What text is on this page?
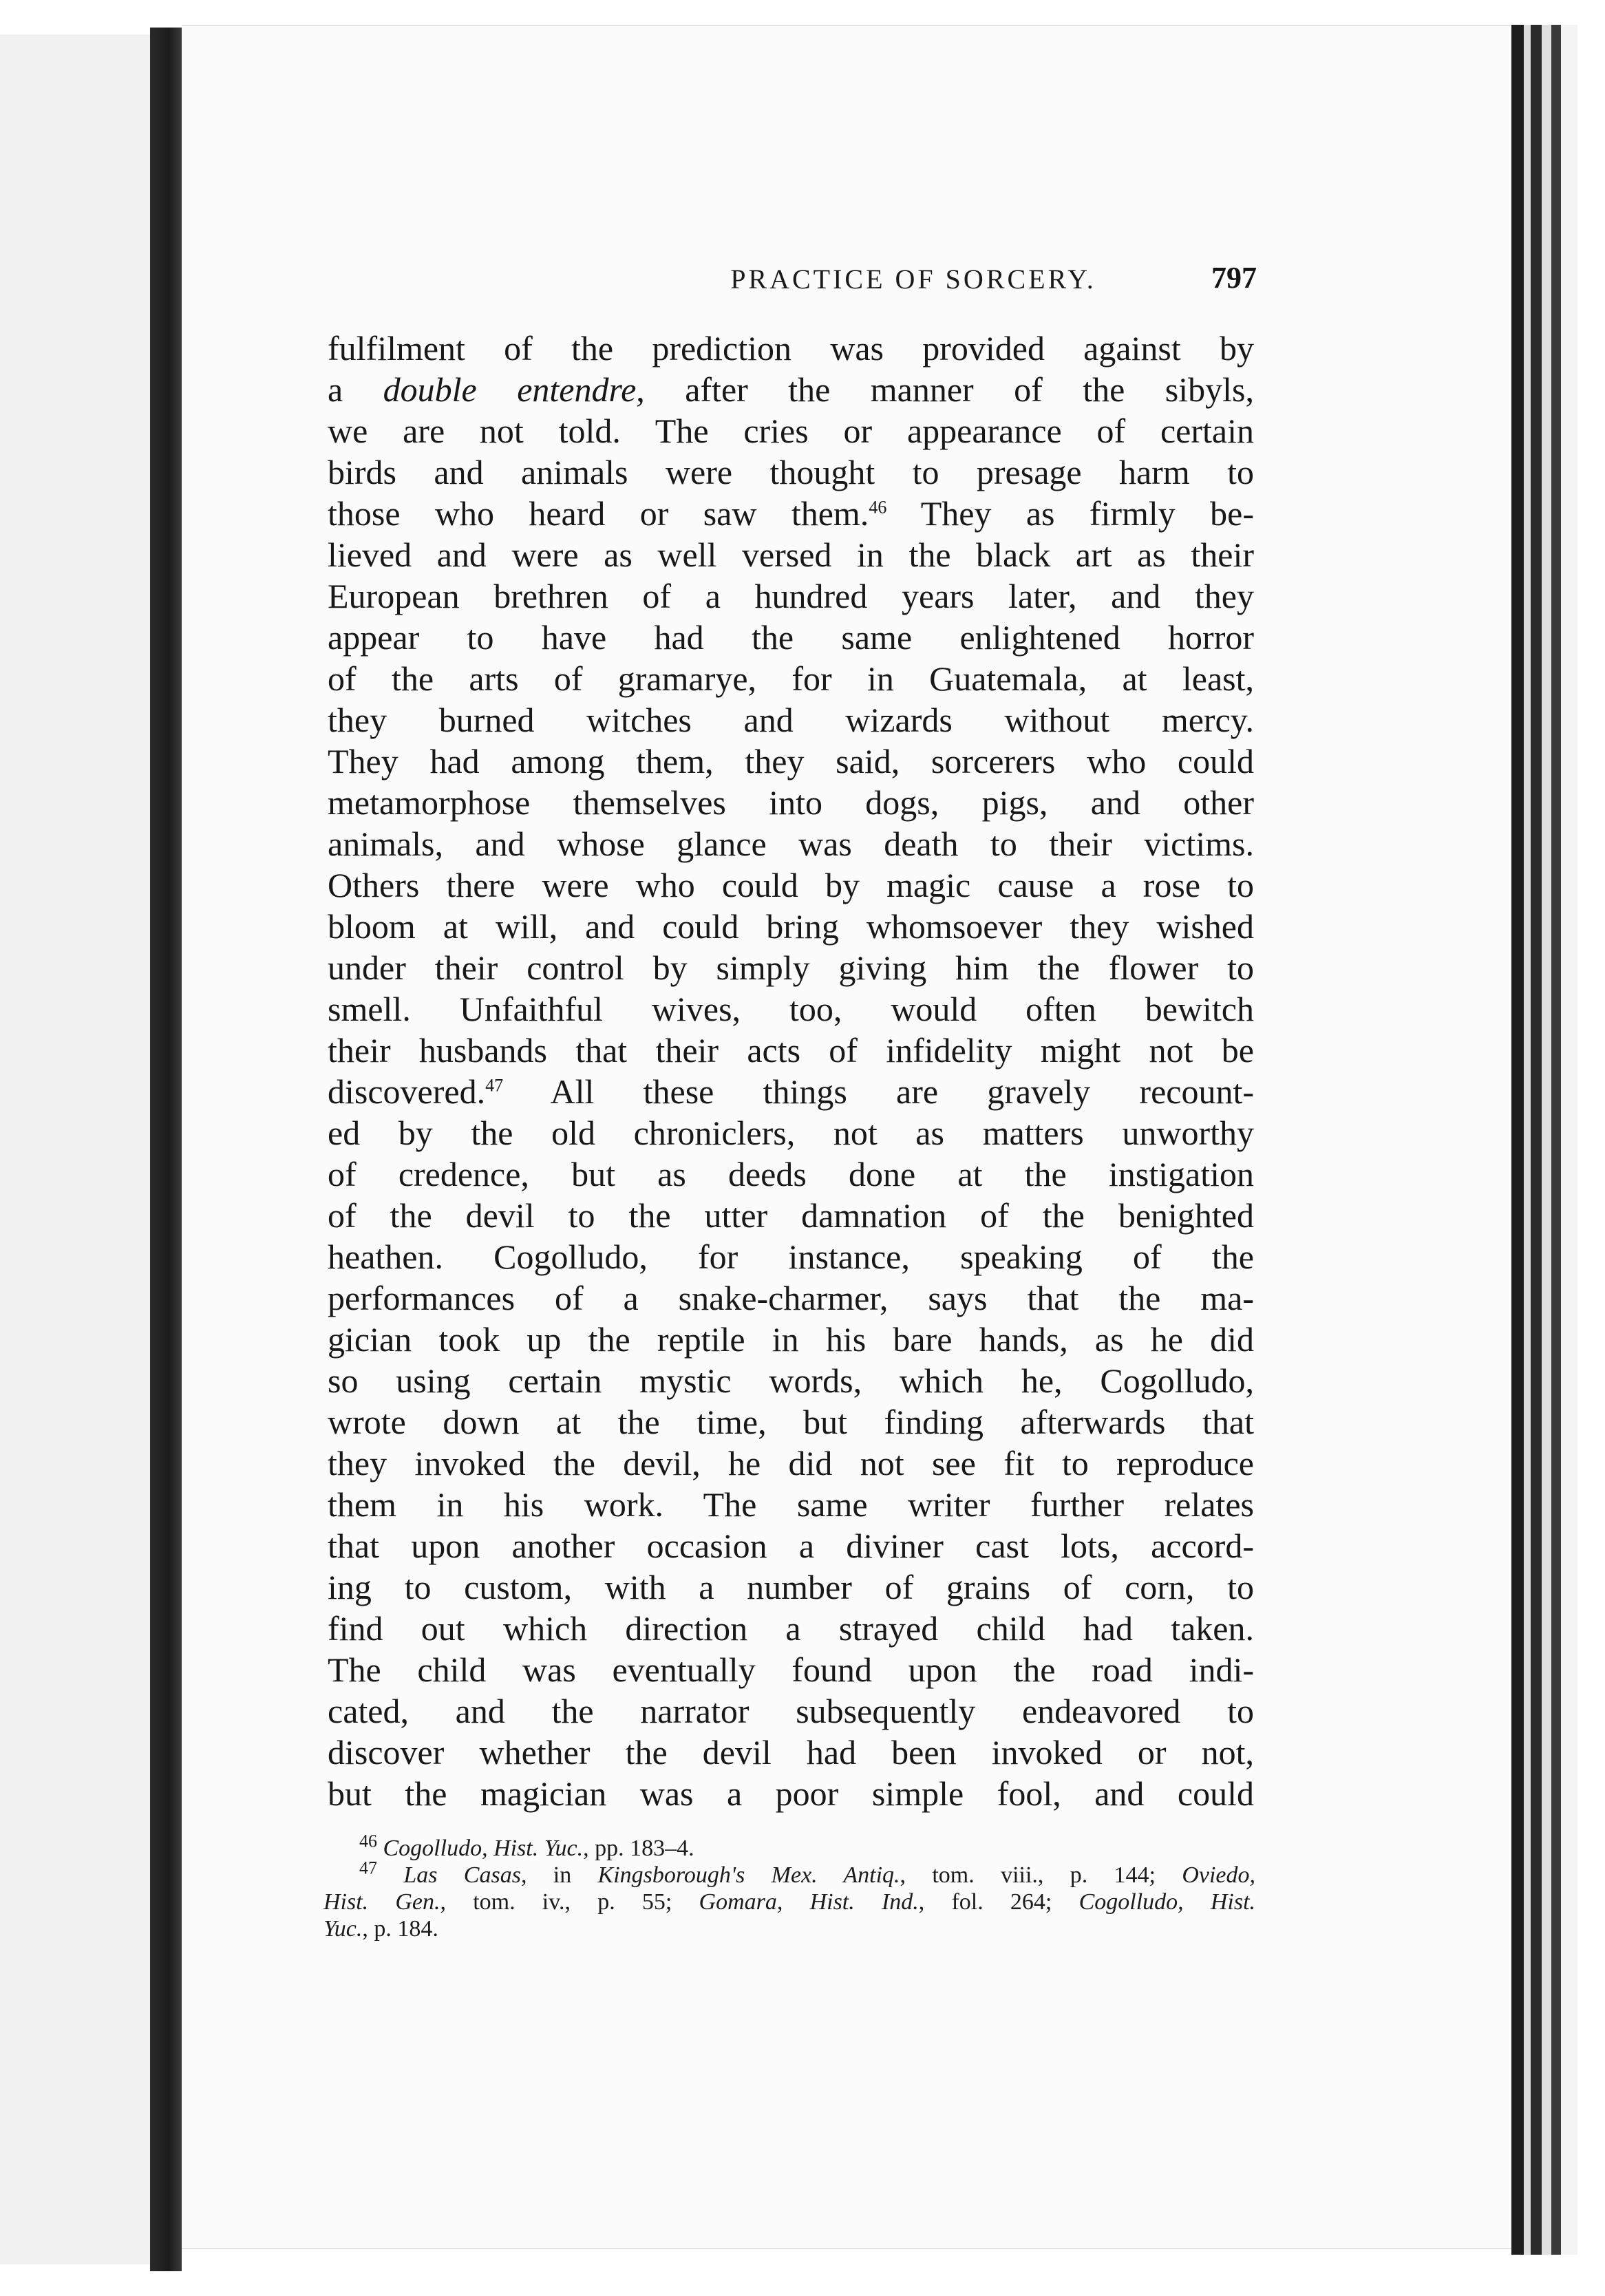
PRACTICE OF SORCERY.	797
fulfilment of the prediction was provided against by
a double entendre, after the manner of the sibyls,
we are not told. The cries or appearance of certain
birds and animals were thought to presage harm to
those who heard or saw them.$^{46}$ They as firmly be-
lieved and were as well versed in the black art as their
European brethren of a hundred years later, and they
appear to have had the same enlightened horror
of the arts of gramarye, for in Guatemala, at least,
they burned witches and wizards without mercy.
They had among them, they said, sorcerers who could
metamorphose themselves into dogs, pigs, and other
animals, and whose glance was death to their victims.
Others there were who could by magic cause a rose to
bloom at will, and could bring whomsoever they wished
under their control by simply giving him the flower to
smell. Unfaithful wives, too, would often bewitch
their husbands that their acts of infidelity might not be
discovered.$^{47}$ All these things are gravely recount-
ed by the old chroniclers, not as matters unworthy
of credence, but as deeds done at the instigation
of the devil to the utter damnation of the benighted
heathen. Cogolludo, for instance, speaking of the
performances of a snake-charmer, says that the ma-
gician took up the reptile in his bare hands, as he did
so using certain mystic words, which he, Cogolludo,
wrote down at the time, but finding afterwards that
they invoked the devil, he did not see fit to reproduce
them in his work. The same writer further relates
that upon another occasion a diviner cast lots, accord-
ing to custom, with a number of grains of corn, to
find out which direction a strayed child had taken.
The child was eventually found upon the road indi-
cated, and the narrator subsequently endeavored to
discover whether the devil had been invoked or not,
but the magician was a poor simple fool, and could
$^{46}$ Cogolludo, Hist. Yuc., pp. 183–4.
$^{47}$ Las Casas, in Kingsborough's Mex. Antiq., tom. viii., p. 144; Oviedo,
Hist. Gen., tom. iv., p. 55; Gomara, Hist. Ind., fol. 264; Cogolludo, Hist.
Yuc., p. 184.
